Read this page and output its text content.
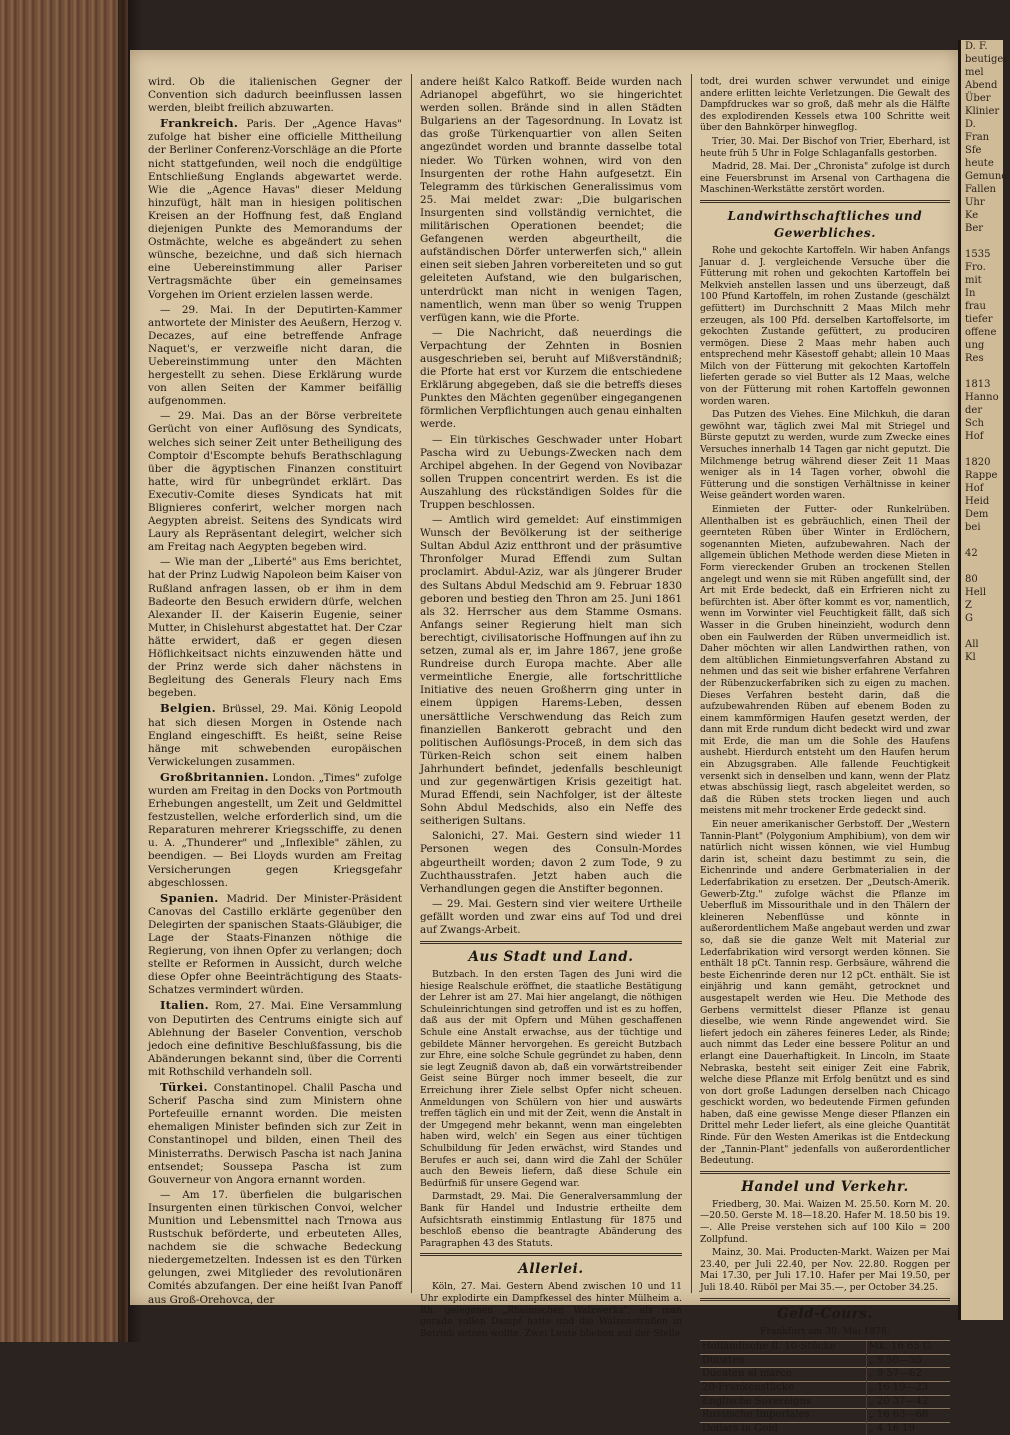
wird. Ob die italienischen Gegner der Convention sich dadurch beeinflussen lassen werden, bleibt freilich abzuwarten.

Frankreich. Paris. Der „Agence Havas" zufolge hat bisher eine officielle Mittheilung der Berliner Conferenz-Vorschläge an die Pforte nicht stattgefunden, weil noch die endgültige Entschließung Englands abgewartet werde. Wie die „Agence Havas" dieser Meldung hinzufügt, hält man in hiesigen politischen Kreisen an der Hoffnung fest, daß England diejenigen Punkte des Memorandums der Ostmächte, welche es abgeändert zu sehen wünsche, bezeichne, und daß sich hiernach eine Uebereinstimmung aller Pariser Vertragsmächte über ein gemeinsames Vorgehen im Orient erzielen lassen werde.

— 29. Mai. In der Deputirten-Kammer antwortete der Minister des Aeußern, Herzog v. Decazes, auf eine betreffende Anfrage Naquet's, er verzweifle nicht daran, die Uebereinstimmung unter den Mächten hergestellt zu sehen. Diese Erklärung wurde von allen Seiten der Kammer beifällig aufgenommen.

— 29. Mai. Das an der Börse verbreitete Gerücht von einer Auflösung des Syndicats, welches sich seiner Zeit unter Betheiligung des Comptoir d'Escompte behufs Berathschlagung über die ägyptischen Finanzen constituirt hatte, wird für unbegründet erklärt. Das Executiv-Comite dieses Syndicats hat mit Blignieres conferirt, welcher morgen nach Aegypten abreist. Seitens des Syndicats wird Laury als Repräsentant delegirt, welcher sich am Freitag nach Aegypten begeben wird.

— Wie man der „Liberté" aus Ems berichtet, hat der Prinz Ludwig Napoleon beim Kaiser von Rußland anfragen lassen, ob er ihm in dem Badeorte den Besuch erwidern dürfe, welchen Alexander II. der Kaiserin Eugenie, seiner Mutter, in Chislehurst abgestattet hat. Der Czar hätte erwidert, daß er gegen diesen Höflichkeitsact nichts einzuwenden hätte und der Prinz werde sich daher nächstens in Begleitung des Generals Fleury nach Ems begeben.

Belgien. Brüssel, 29. Mai. König Leopold hat sich diesen Morgen in Ostende nach England eingeschifft. Es heißt, seine Reise hänge mit schwebenden europäischen Verwickelungen zusammen.

Großbritannien. London. „Times" zufolge wurden am Freitag in den Docks von Portmouth Erhebungen angestellt, um Zeit und Geldmittel festzustellen, welche erforderlich sind, um die Reparaturen mehrerer Kriegsschiffe, zu denen u. A. „Thunderer" und „Inflexible" zählen, zu beendigen. — Bei Lloyds wurden am Freitag Versicherungen gegen Kriegsgefahr abgeschlossen.

Spanien. Madrid. Der Minister-Präsident Canovas del Castillo erklärte gegenüber den Delegirten der spanischen Staats-Gläubiger, die Lage der Staats-Finanzen nöthige die Regierung, von ihnen Opfer zu verlangen; doch stellte er Reformen in Aussicht, durch welche diese Opfer ohne Beeinträchtigung des Staats-Schatzes vermindert würden.

Italien. Rom, 27. Mai. Eine Versammlung von Deputirten des Centrums einigte sich auf Ablehnung der Baseler Convention, verschob jedoch eine definitive Beschlußfassung, bis die Abänderungen bekannt sind, über die Correnti mit Rothschild verhandeln soll.

Türkei. Constantinopel. Chalil Pascha und Scherif Pascha sind zum Ministern ohne Portefeuille ernannt worden. Die meisten ehemaligen Minister befinden sich zur Zeit in Constantinopel und bilden, einen Theil des Ministerraths. Derwisch Pascha ist nach Janina entsendet; Soussepa Pascha ist zum Gouverneur von Angora ernannt worden.

— Am 17. überfielen die bulgarischen Insurgenten einen türkischen Convoi, welcher Munition und Lebensmittel nach Trnowa aus Rustschuk beförderte, und erbeuteten Alles, nachdem sie die schwache Bedeckung niedergemetzelten. Indessen ist es den Türken gelungen, zwei Mitglieder des revolutionären Comités abzufangen. Der eine heißt Ivan Panoff aus Groß-Orehovca, der

andere heißt Kalco Ratkoff. Beide wurden nach Adrianopel abgeführt, wo sie hingerichtet werden sollen. Brände sind in allen Städten Bulgariens an der Tagesordnung. In Lovatz ist das große Türkenquartier von allen Seiten angezündet worden und brannte dasselbe total nieder. Wo Türken wohnen, wird von den Insurgenten der rothe Hahn aufgesetzt. Ein Telegramm des türkischen Generalissimus vom 25. Mai meldet zwar: „Die bulgarischen Insurgenten sind vollständig vernichtet, die militärischen Operationen beendet; die Gefangenen werden abgeurtheilt, die aufständischen Dörfer unterwerfen sich," allein einen seit sieben Jahren vorbereiteten und so gut geleiteten Aufstand, wie den bulgarischen, unterdrückt man nicht in wenigen Tagen, namentlich, wenn man über so wenig Truppen verfügen kann, wie die Pforte.

— Die Nachricht, daß neuerdings die Verpachtung der Zehnten in Bosnien ausgeschrieben sei, beruht auf Mißverständniß; die Pforte hat erst vor Kurzem die entschiedene Erklärung abgegeben, daß sie die betreffs dieses Punktes den Mächten gegenüber eingegangenen förmlichen Verpflichtungen auch genau einhalten werde.

— Ein türkisches Geschwader unter Hobart Pascha wird zu Uebungs-Zwecken nach dem Archipel abgehen. In der Gegend von Novibazar sollen Truppen concentrirt werden. Es ist die Auszahlung des rückständigen Soldes für die Truppen beschlossen.

— Amtlich wird gemeldet: Auf einstimmigen Wunsch der Bevölkerung ist der seitherige Sultan Abdul Aziz entthront und der präsumtive Thronfolger Murad Effendi zum Sultan proclamirt. Abdul-Aziz, war als jüngerer Bruder des Sultans Abdul Medschid am 9. Februar 1830 geboren und bestieg den Thron am 25. Juni 1861 als 32. Herrscher aus dem Stamme Osmans. Anfangs seiner Regierung hielt man sich berechtigt, civilisatorische Hoffnungen auf ihn zu setzen, zumal als er, im Jahre 1867, jene große Rundreise durch Europa machte. Aber alle vermeintliche Energie, alle fortschrittliche Initiative des neuen Großherrn ging unter in einem üppigen Harems-Leben, dessen unersättliche Verschwendung das Reich zum finanziellen Bankerott gebracht und den politischen Auflösungs-Proceß, in dem sich das Türken-Reich schon seit einem halben Jahrhundert befindet, jedenfalls beschleunigt und zur gegenwärtigen Krisis gezeitigt hat. Murad Effendi, sein Nachfolger, ist der älteste Sohn Abdul Medschids, also ein Neffe des seitherigen Sultans.

Salonichi, 27. Mai. Gestern sind wieder 11 Personen wegen des Consuln-Mordes abgeurtheilt worden; davon 2 zum Tode, 9 zu Zuchthausstrafen. Jetzt haben auch die Verhandlungen gegen die Anstifter begonnen.

— 29. Mai. Gestern sind vier weitere Urtheile gefällt worden und zwar eins auf Tod und drei auf Zwangs-Arbeit.

Aus Stadt und Land.

Butzbach. In den ersten Tagen des Juni wird die hiesige Realschule eröffnet, die staatliche Bestätigung der Lehrer ist am 27. Mai hier angelangt, die nöthigen Schuleinrichtungen sind getroffen und ist es zu hoffen, daß aus der mit Opfern und Mühen geschaffenen Schule eine Anstalt erwachse, aus der tüchtige und gebildete Männer hervorgehen. Es gereicht Butzbach zur Ehre, eine solche Schule gegründet zu haben, denn sie legt Zeugniß davon ab, daß ein vorwärtstreibender Geist seine Bürger noch immer beseelt, die zur Erreichung ihrer Ziele selbst Opfer nicht scheuen. Anmeldungen von Schülern von hier und auswärts treffen täglich ein und mit der Zeit, wenn die Anstalt in der Umgegend mehr bekannt, wenn man eingelebten haben wird, welch' ein Segen aus einer tüchtigen Schulbildung für Jeden erwächst, wird Standes und Berufes er auch sei, dann wird die Zahl der Schüler auch den Beweis liefern, daß diese Schule ein Bedürfniß für unsere Gegend war.

Darmstadt, 29. Mai. Die Generalversammlung der Bank für Handel und Industrie ertheilte dem Aufsichtsrath einstimmig Entlastung für 1875 und beschloß ebenso die beantragte Abänderung des Paragraphen 43 des Statuts.

Allerlei.

Köln, 27. Mai. Gestern Abend zwischen 10 und 11 Uhr explodirte ein Dampfkessel des hinter Mülheim a. Rh. gelegenen „Rheinischen Walzwerks", als man gerade vollen Dampf hatte und die Walzenstraßen in Betrieb setzen wollte. Zwei Leute blieben auf der Stelle

todt, drei wurden schwer verwundet und einige andere erlitten leichte Verletzungen. Die Gewalt des Dampfdruckes war so groß, daß mehr als die Hälfte des explodirenden Kessels etwa 100 Schritte weit über den Bahnkörper hinwegflog.

Trier, 30. Mai. Der Bischof von Trier, Eberhard, ist heute früh 5 Uhr in Folge Schlaganfalls gestorben.

Madrid, 28. Mai. Der „Chronista" zufolge ist durch eine Feuersbrunst im Arsenal von Carthagena die Maschinen-Werkstätte zerstört worden.

Landwirthschaftliches und Gewerbliches.

Rohe und gekochte Kartoffeln. Wir haben Anfangs Januar d. J. vergleichende Versuche über die Fütterung mit rohen und gekochten Kartoffeln bei Melkvieh anstellen lassen und uns überzeugt, daß 100 Pfund Kartoffeln, im rohen Zustande (geschälzt gefüttert) im Durchschnitt 2 Maas Milch mehr erzeugen, als 100 Pfd. derselben Kartoffelsorte, im gekochten Zustande gefüttert, zu produciren vermögen. Diese 2 Maas mehr haben auch entsprechend mehr Käsestoff gehabt; allein 10 Maas Milch von der Fütterung mit gekochten Kartoffeln lieferten gerade so viel Butter als 12 Maas, welche von der Fütterung mit rohen Kartoffeln gewonnen worden waren.

Das Putzen des Viehes. Eine Milchkuh, die daran gewöhnt war, täglich zwei Mal mit Striegel und Bürste geputzt zu werden, wurde zum Zwecke eines Versuches innerhalb 14 Tagen gar nicht geputzt. Die Milchmenge betrug während dieser Zeit 11 Maas weniger als in 14 Tagen vorher, obwohl die Fütterung und die sonstigen Verhältnisse in keiner Weise geändert worden waren.

Einmieten der Futter- oder Runkelrüben. Allenthalben ist es gebräuchlich, einen Theil der geernteten Rüben über Winter in Erdlöchern, sogenannten Mieten, aufzubewahren. Nach der allgemein üblichen Methode werden diese Mieten in Form viereckender Gruben an trockenen Stellen angelegt und wenn sie mit Rüben angefüllt sind, der Art mit Erde bedeckt, daß ein Erfrieren nicht zu befürchten ist. Aber öfter kommt es vor, namentlich, wenn im Vorwinter viel Feuchtigkeit fällt, daß sich Wasser in die Gruben hineinzieht, wodurch denn oben ein Faulwerden der Rüben unvermeidlich ist. Daher möchten wir allen Landwirthen rathen, von dem altüblichen Einmietungsverfahren Abstand zu nehmen und das seit wie bisher erfahrene Verfahren der Rübenzuckerfabriken sich zu eigen zu machen. Dieses Verfahren besteht darin, daß die aufzubewahrenden Rüben auf ebenem Boden zu einem kammförmigen Haufen gesetzt werden, der dann mit Erde rundum dicht bedeckt wird und zwar mit Erde, die man um die Sohle des Haufens aushebt. Hierdurch entsteht um den Haufen herum ein Abzugsgraben. Alle fallende Feuchtigkeit versenkt sich in denselben und kann, wenn der Platz etwas abschüssig liegt, rasch abgeleitet werden, so daß die Rüben stets trocken liegen und auch meistens mit mehr trockener Erde gedeckt sind.

Ein neuer amerikanischer Gerbstoff. Der „Western Tannin-Plant" (Polygonium Amphibium), von dem wir natürlich nicht wissen können, wie viel Humbug darin ist, scheint dazu bestimmt zu sein, die Eichenrinde und andere Gerbmaterialien in der Lederfabrikation zu ersetzen. Der „Deutsch-Amerik. Gewerb-Ztg." zufolge wächst die Pflanze im Ueberfluß im Missourithale und in den Thälern der kleineren Nebenflüsse und könnte in außerordentlichem Maße angebaut werden und zwar so, daß sie die ganze Welt mit Material zur Lederfabrikation wird versorgt werden können. Sie enthält 18 pCt. Tannin resp. Gerbsäure, während die beste Eichenrinde deren nur 12 pCt. enthält. Sie ist einjährig und kann gemäht, getrocknet und ausgestapelt werden wie Heu. Die Methode des Gerbens vermittelst dieser Pflanze ist genau dieselbe, wie wenn Rinde angewendet wird. Sie liefert jedoch ein zäheres feineres Leder, als Rinde; auch nimmt das Leder eine bessere Politur an und erlangt eine Dauerhaftigkeit. In Lincoln, im Staate Nebraska, besteht seit einiger Zeit eine Fabrik, welche diese Pflanze mit Erfolg benützt und es sind von dort große Ladungen derselben nach Chicago geschickt worden, wo bedeutende Firmen gefunden haben, daß eine gewisse Menge dieser Pflanzen ein Drittel mehr Leder liefert, als eine gleiche Quantität Rinde. Für den Westen Amerikas ist die Entdeckung der „Tannin-Plant" jedenfalls von außerordentlicher Bedeutung.

Handel und Verkehr.

Friedberg, 30. Mai. Waizen M. 25.50. Korn M. 20.—20.50. Gerste M. 18—18.20. Hafer M. 18.50 bis 19.—. Alle Preise verstehen sich auf 100 Kilo = 200 Zollpfund.

Mainz, 30. Mai. Producten-Markt. Waizen per Mai 23.40, per Juli 22.40, per Nov. 22.80. Roggen per Mai 17.30, per Juli 17.10. Hafer per Mai 19.50, per Juli 18.40. Rüböl per Mai 35.—, per October 34.25.

Geld-Cours.
Frankfurt am 30. Mai 1876.
Holländische fl. 10-Stücke	Mk. 16 65 G.
Ducaten	„ 9 50—55
Ducaten al marco	„ 9 57—62
20-Frankenstücke	„ 16 19—23
Englische Sovereigns	„ 20 37—42
Russische Imperiales	„ 16 63—68
Dollars in Gold	„ 4 16 19
D. F.
beutigen
mel
Abend
Über
Klinier
D.
Fran
Sfe
heute
Gemund
Fallen
Uhr
Ke
Ber

1535
Fro.
mit
In
frau
tiefer
offene
ung
Res

1813
Hanno
der
Sch
Hof

1820
Rappe
Hof
Heid
Dem
bei

42

80
Hell
Z
G

All
Kl
